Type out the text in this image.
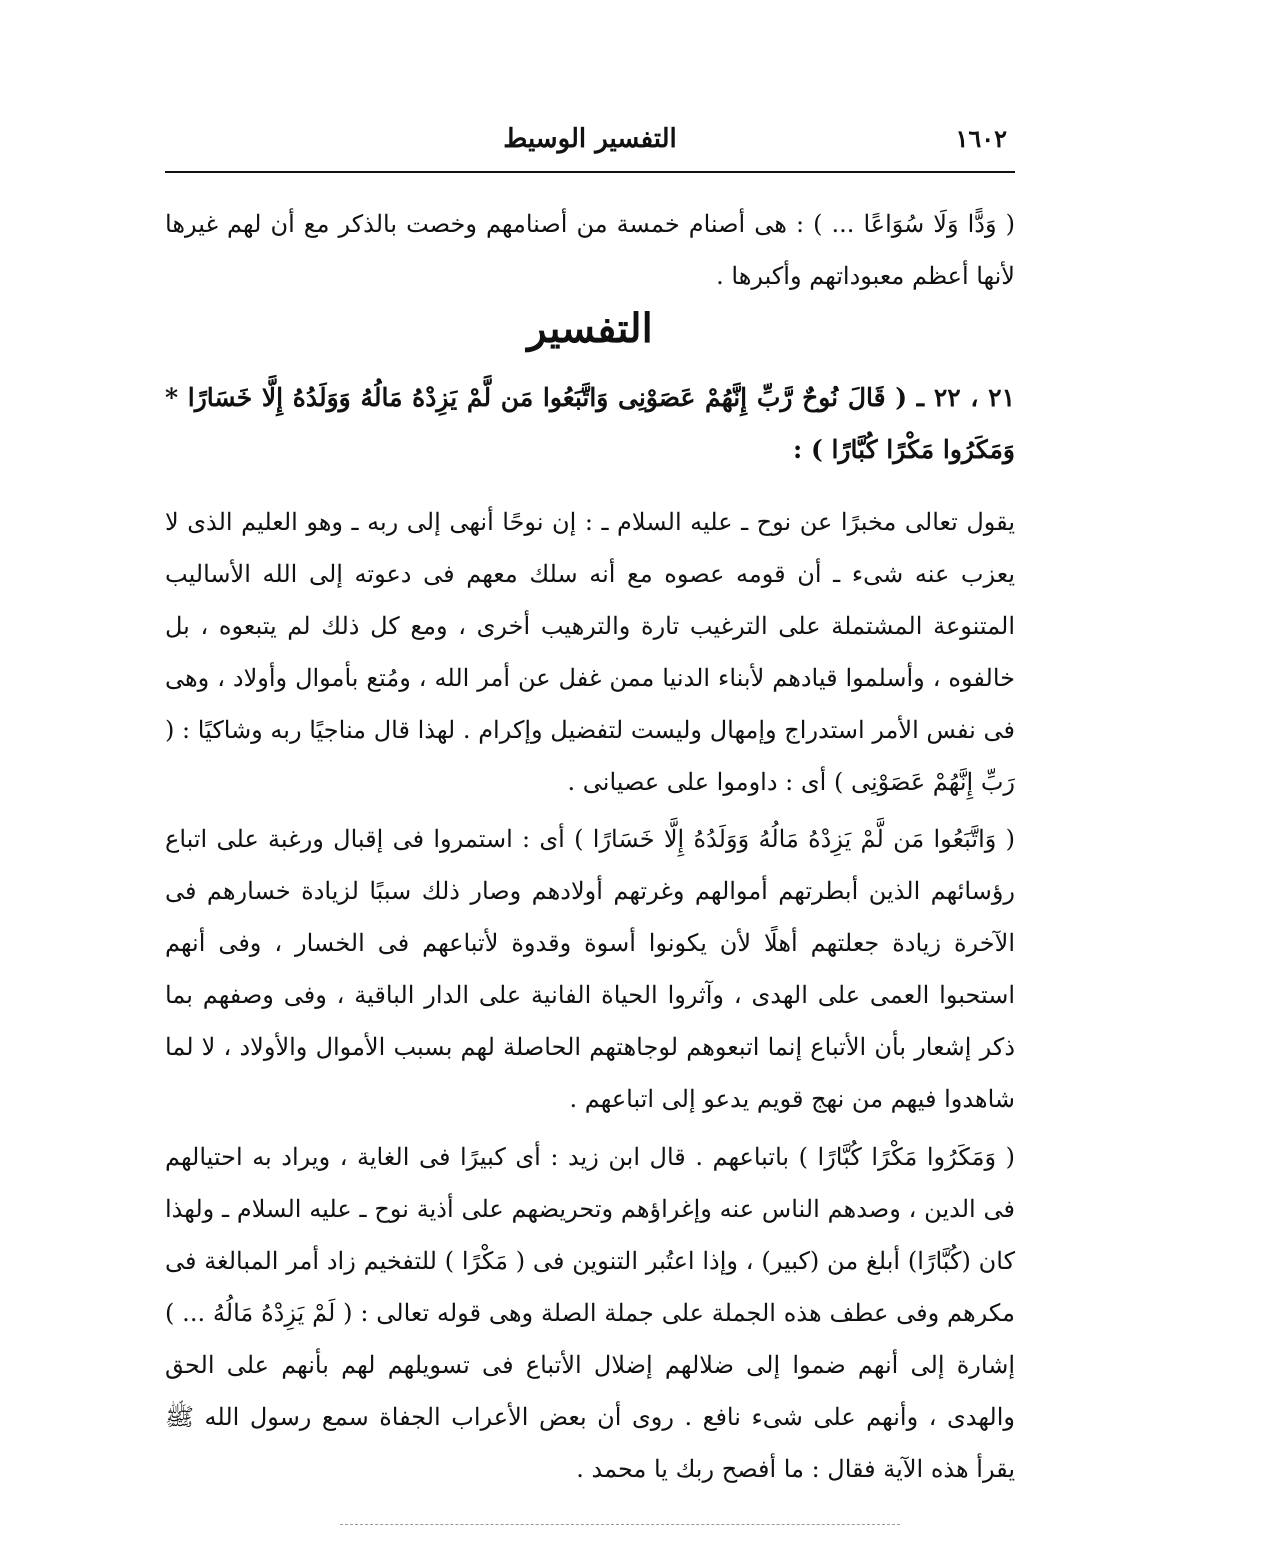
١٦٠٢
التفسير الوسيط

( وَدًّا وَلَا سُوَاعًا ... ) : هى أصنام خمسة من أصنامهم وخصت بالذكر مع أن لهم غيرها لأنها أعظم معبوداتهم وأكبرها .

التفسير

٢١ ، ٢٢ ـ ( قَالَ نُوحٌ رَّبِّ إِنَّهُمْ عَصَوْنِى وَاتَّبَعُوا مَن لَّمْ يَزِدْهُ مَالُهُ وَوَلَدُهُ إِلَّا خَسَارًا * وَمَكَرُوا مَكْرًا كُبَّارًا ) :

يقول تعالى مخبرًا عن نوح ـ عليه السلام ـ : إن نوحًا أنهى إلى ربه ـ وهو العليم الذى لا يعزب عنه شىء ـ أن قومه عصوه مع أنه سلك معهم فى دعوته إلى الله الأساليب المتنوعة المشتملة على الترغيب تارة والترهيب أخرى ، ومع كل ذلك لم يتبعوه ، بل خالفوه ، وأسلموا قيادهم لأبناء الدنيا ممن غفل عن أمر الله ، ومُتع بأموال وأولاد ، وهى فى نفس الأمر استدراج وإمهال وليست لتفضيل وإكرام . لهذا قال مناجيًا ربه وشاكيًا : ( رَبِّ إِنَّهُمْ عَصَوْنِى ) أى : داوموا على عصيانى .

( وَاتَّبَعُوا مَن لَّمْ يَزِدْهُ مَالُهُ وَوَلَدُهُ إِلَّا خَسَارًا ) أى : استمروا فى إقبال ورغبة على اتباع رؤسائهم الذين أبطرتهم أموالهم وغرتهم أولادهم وصار ذلك سببًا لزيادة خسارهم فى الآخرة زيادة جعلتهم أهلًا لأن يكونوا أسوة وقدوة لأتباعهم فى الخسار ، وفى أنهم استحبوا العمى على الهدى ، وآثروا الحياة الفانية على الدار الباقية ، وفى وصفهم بما ذكر إشعار بأن الأتباع إنما اتبعوهم لوجاهتهم الحاصلة لهم بسبب الأموال والأولاد ، لا لما شاهدوا فيهم من نهج قويم يدعو إلى اتباعهم .

( وَمَكَرُوا مَكْرًا كُبَّارًا ) باتباعهم . قال ابن زيد : أى كبيرًا فى الغاية ، ويراد به احتيالهم فى الدين ، وصدهم الناس عنه وإغراؤهم وتحريضهم على أذية نوح ـ عليه السلام ـ ولهذا كان (كُبَّارًا) أبلغ من (كبير) ، وإذا اعتُبر التنوين فى ( مَكْرًا ) للتفخيم زاد أمر المبالغة فى مكرهم وفى عطف هذه الجملة على جملة الصلة وهى قوله تعالى : ( لَمْ يَزِدْهُ مَالُهُ ... ) إشارة إلى أنهم ضموا إلى ضلالهم إضلال الأتباع فى تسويلهم لهم بأنهم على الحق والهدى ، وأنهم على شىء نافع . روى أن بعض الأعراب الجفاة سمع رسول الله ﷺ يقرأ هذه الآية فقال : ما أفصح ربك يا محمد .
